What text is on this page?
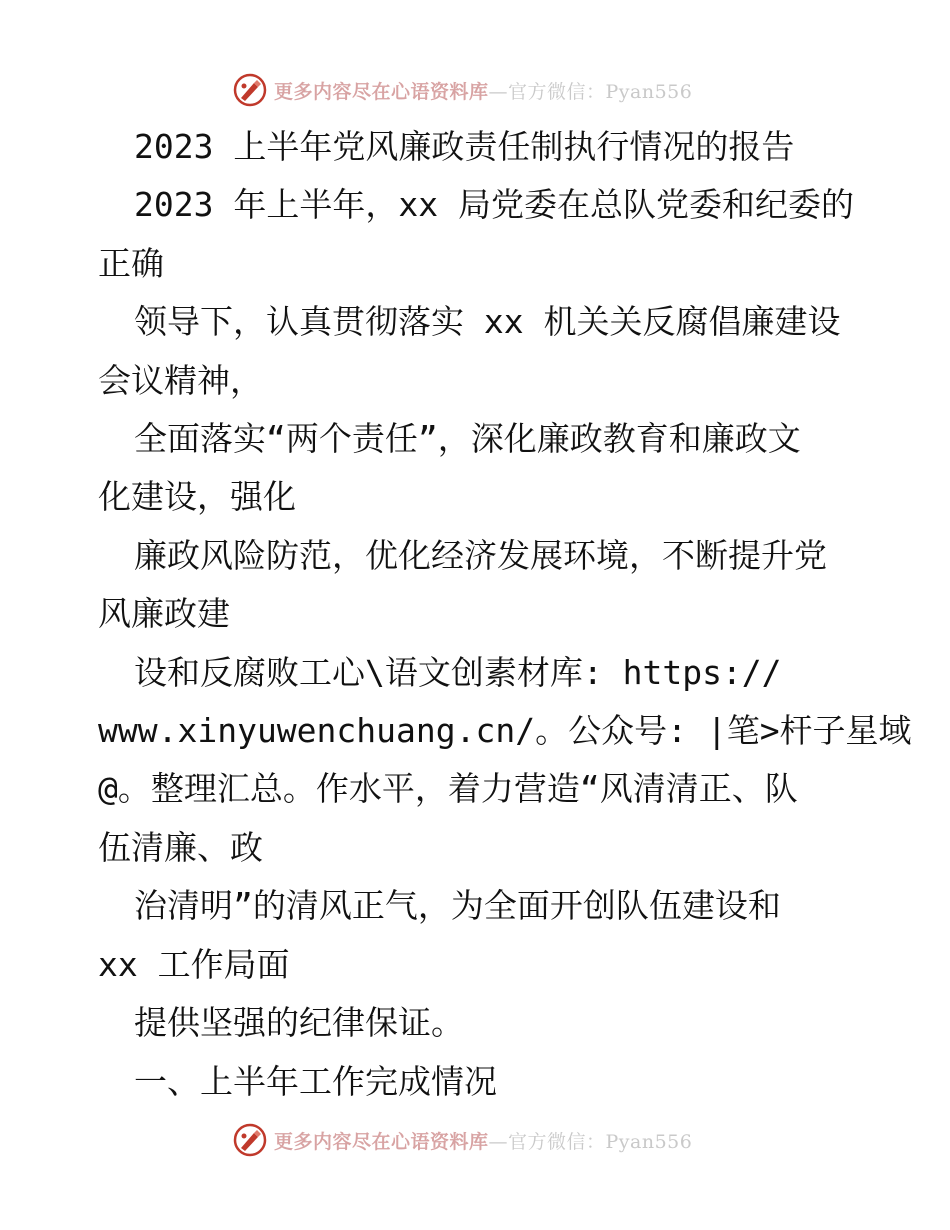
更多内容尽在心语资料库—官方微信：Pyan556

2023 上半年党风廉政责任制执行情况的报告

2023 年上半年，xx 局党委在总队党委和纪委的

正确

领导下，认真贯彻落实 xx 机关关反腐倡廉建设

会议精神，

全面落实“两个责任”，深化廉政教育和廉政文

化建设，强化

廉政风险防范，优化经济发展环境，不断提升党

风廉政建

设和反腐败工心\语文创素材库: https://

www.xinyuwenchuang.cn/。公众号: |笔>杆子星域

@。整理汇总。作水平，着力营造“风清清正、队

伍清廉、政

治清明”的清风正气，为全面开创队伍建设和

xx 工作局面

提供坚强的纪律保证。

一、上半年工作完成情况

更多内容尽在心语资料库—官方微信：Pyan556
